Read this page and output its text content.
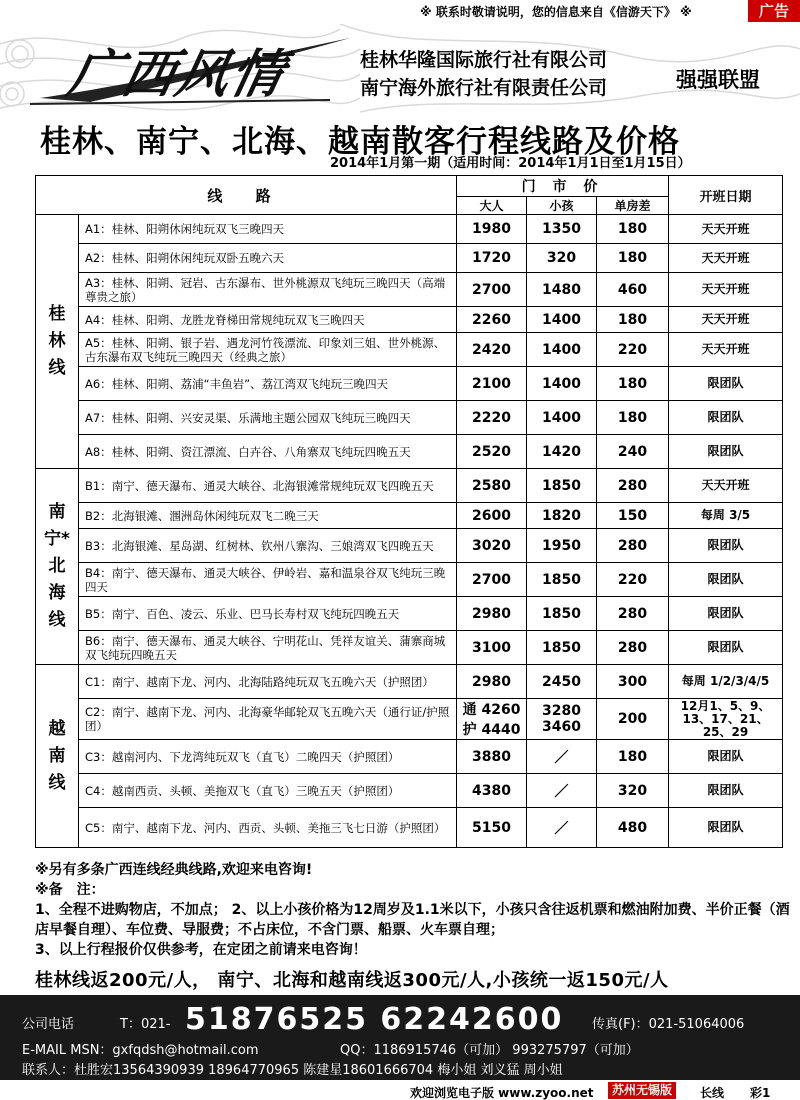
※ 联系时敬请说明，您的信息来自《信游天下》 ※	广告
广西风情	桂林华隆国际旅行社有限公司
南宁海外旅行社有限责任公司	强强联盟
桂林、南宁、北海、越南散客行程线路及价格
2014年1月第一期（适用时间：2014年1月1日至1月15日）
线 路		门 市 价			开班日期
		大人	小孩	单房差	
桂林线	A1：桂林、阳朔休闲纯玩双飞三晚四天	1980	1350	180	天天开班
	A2：桂林、阳朔休闲纯玩双卧五晚六天	1720	320	180	天天开班
	A3：桂林、阳朔、冠岩、古东瀑布、世外桃源双飞纯玩三晚四天（高端尊贵之旅）	2700	1480	460	天天开班
	A4：桂林、阳朔、龙胜龙脊梯田常规纯玩双飞三晚四天	2260	1400	180	天天开班
	A5：桂林、阳朔、银子岩、遇龙河竹筏漂流、印象刘三姐、世外桃源、古东瀑布双飞纯玩三晚四天（经典之旅）	2420	1400	220	天天开班
	A6：桂林、阳朔、荔浦“丰鱼岩”、荔江湾双飞纯玩三晚四天	2100	1400	180	限团队
	A7：桂林、阳朔、兴安灵渠、乐满地主题公园双飞纯玩三晚四天	2220	1400	180	限团队
	A8：桂林、阳朔、资江漂流、白卉谷、八角寨双飞纯玩四晚五天	2520	1420	240	限团队
南宁*北海线	B1：南宁、德天瀑布、通灵大峡谷、北海银滩常规纯玩双飞四晚五天	2580	1850	280	天天开班
	B2：北海银滩、涠洲岛休闲纯玩双飞二晚三天	2600	1820	150	每周 3/5
	B3：北海银滩、星岛湖、红树林、钦州八寨沟、三娘湾双飞四晚五天	3020	1950	280	限团队
	B4：南宁、德天瀑布、通灵大峡谷、伊岭岩、嘉和温泉谷双飞纯玩三晚四天	2700	1850	220	限团队
	B5：南宁、百色、凌云、乐业、巴马长寿村双飞纯玩四晚五天	2980	1850	280	限团队
	B6：南宁、德天瀑布、通灵大峡谷、宁明花山、凭祥友谊关、蒲寨商城双飞纯玩四晚五天	3100	1850	280	限团队
越南线	C1：南宁、越南下龙、河内、北海陆路纯玩双飞五晚六天（护照团）	2980	2450	300	每周 1/2/3/4/5
	C2：南宁、越南下龙、河内、北海豪华邮轮双飞五晚六天（通行证/护照团）	通 4260 护 4440	3280 3460	200	12月1、5、9、13、17、21、25、29
	C3：越南河内、下龙湾纯玩双飞（直飞）二晚四天（护照团）	3880	／	180	限团队
	C4：越南西贡、头顿、美拖双飞（直飞）三晚五天（护照团）	4380	／	320	限团队
	C5：南宁、越南下龙、河内、西贡、头顿、美拖三飞七日游（护照团）	5150	／	480	限团队
※另有多条广西连线经典线路,欢迎来电咨询!
※备　注：
1、全程不进购物店，不加点； 2、以上小孩价格为12周岁及1.1米以下，小孩只含往返机票和燃油附加费、半价正餐（酒店早餐自理）、车位费、导服费；不占床位，不含门票、船票、火车票自理；
3、以上行程报价仅供参考，在定团之前请来电咨询！
桂林线返200元/人， 南宁、北海和越南线返300元/人,小孩统一返150元/人
公司电话	T：021- 51876525 62242600 传真(F)：021-51064006
E-MAIL MSN：gxfqdsh@hotmail.com	QQ：1186915746（可加） 993275797（可加）
联系人：杜胜宏13564390939 18964770965 陈建星18601666704 梅小姐 刘义猛 周小姐
欢迎浏览电子版 www.zyoo.net	苏州无锡版	长线 彩1
